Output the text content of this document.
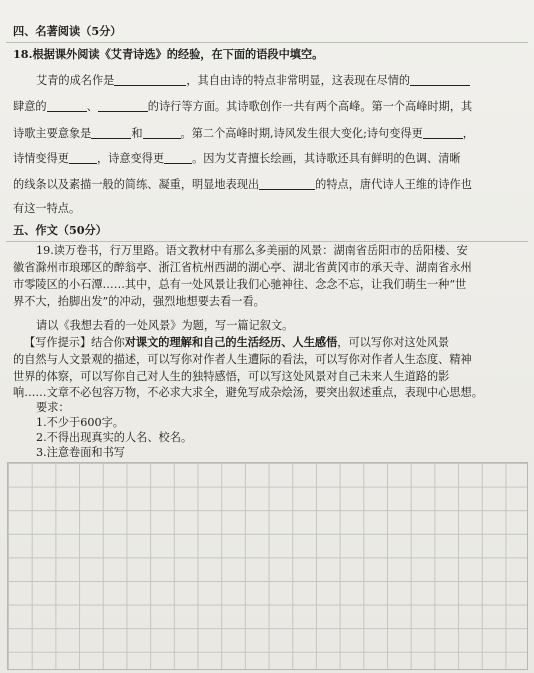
四、名著阅读（5分）
18.根据课外阅读《艾青诗选》的经验，在下面的语段中填空。
艾青的成名作是	，其自由诗的特点非常明显，这表现在尽情的
肆意的	、	的诗行等方面。其诗歌创作一共有两个高峰。第一个高峰时期，其
诗歌主要意象是	和	。第二个高峰时期,诗风发生很大变化;诗句变得更	，
诗情变得更	，诗意变得更	。因为艾青擅长绘画，其诗歌还具有鲜明的色调、清晰
的线条以及素描一般的简练、凝重，明显地表现出	的特点，唐代诗人王维的诗作也
有这一特点。
五、作文（50分）
19.读万卷书，行万里路。语文教材中有那么多美丽的风景：湖南省岳阳市的岳阳楼、安
徽省滁州市琅琊区的醉翁亭、浙江省杭州西湖的湖心亭、湖北省黄冈市的承天寺、湖南省永州
市零陵区的小石潭……其中，总有一处风景让我们心驰神往、念念不忘，让我们萌生一种“世
界不大，抬脚出发”的冲动，强烈地想要去看一看。
请以《我想去看的一处风景》为题，写一篇记叙文。
【写作提示】结合你对课文的理解和自己的生活经历、人生感悟，可以写你对这处风景
的自然与人文景观的描述，可以写你对作者人生遭际的看法，可以写你对作者人生态度、精神
世界的体察，可以写你自己对人生的独特感悟，可以写这处风景对自己未来人生道路的影
响……文章不必包容万物，不必求大求全，避免写成杂烩汤，要突出叙述重点，表现中心思想。
要求：
1.不少于600字。
2.不得出现真实的人名、校名。
3.注意卷面和书写
